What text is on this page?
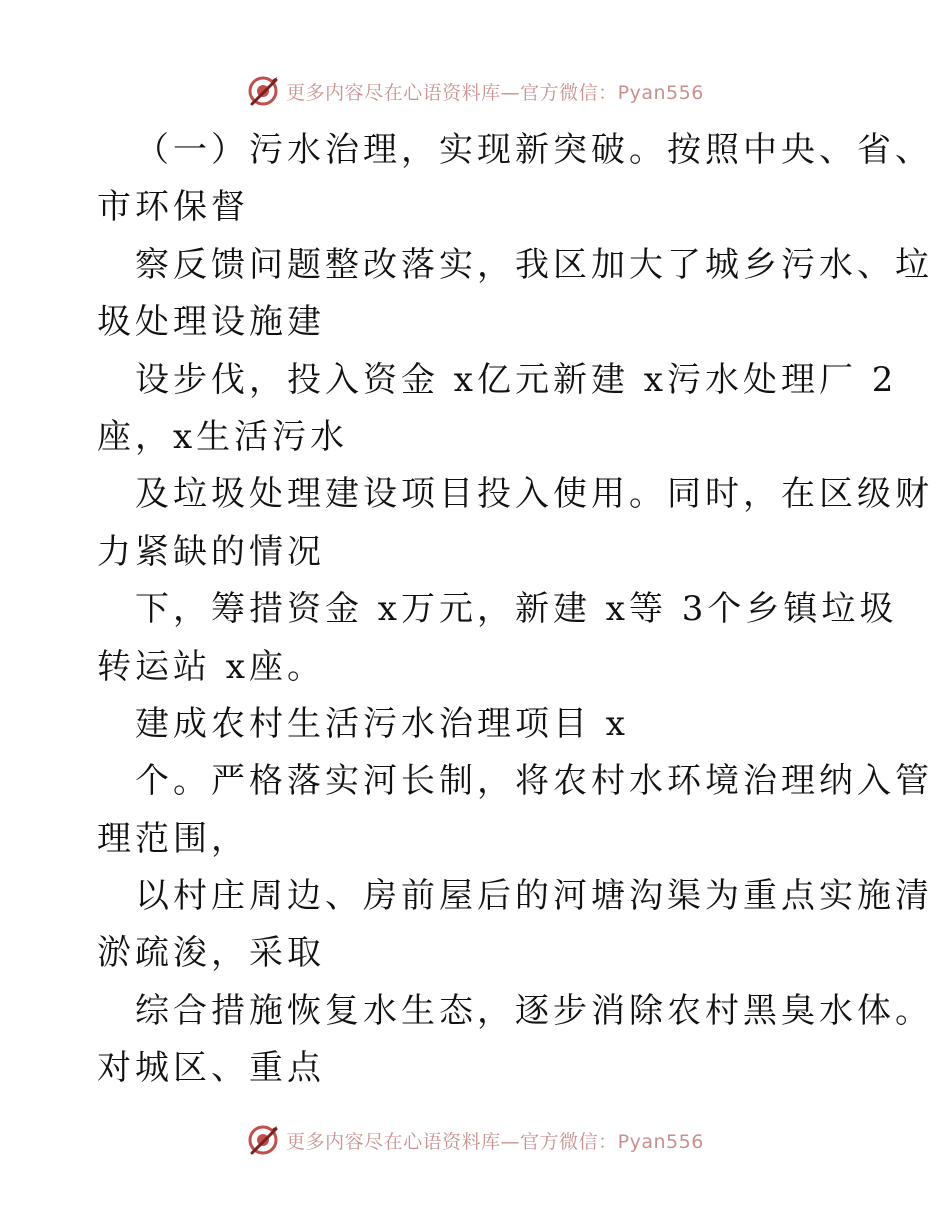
更多内容尽在心语资料库—官方微信：Pyan556
（一）污水治理，实现新突破。按照中央、省、
市环保督
察反馈问题整改落实，我区加大了城乡污水、垃
圾处理设施建
设步伐，投入资金 x亿元新建 x污水处理厂 2
座，x生活污水
及垃圾处理建设项目投入使用。同时，在区级财
力紧缺的情况
下，筹措资金 x万元，新建 x等 3个乡镇垃圾
转运站 x座。
建成农村生活污水治理项目 x
个。严格落实河长制，将农村水环境治理纳入管
理范围，
以村庄周边、房前屋后的河塘沟渠为重点实施清
淤疏浚，采取
综合措施恢复水生态，逐步消除农村黑臭水体。
对城区、重点
更多内容尽在心语资料库—官方微信：Pyan556
